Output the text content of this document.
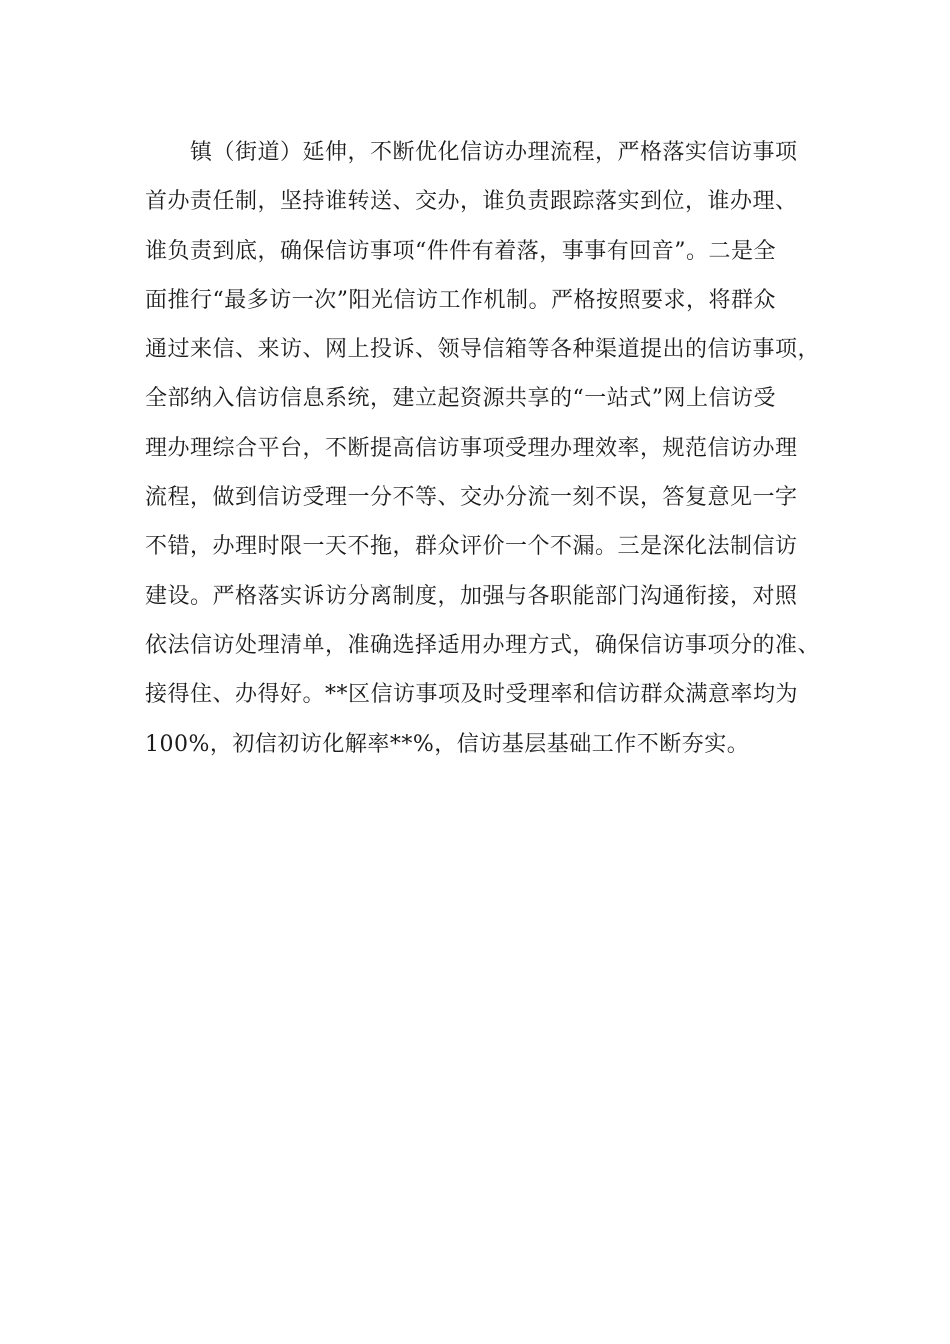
镇（街道）延伸，不断优化信访办理流程，严格落实信访事项
首办责任制，坚持谁转送、交办，谁负责跟踪落实到位，谁办理、
谁负责到底，确保信访事项“件件有着落，事事有回音”。二是全
面推行“最多访一次”阳光信访工作机制。严格按照要求，将群众
通过来信、来访、网上投诉、领导信箱等各种渠道提出的信访事项，
全部纳入信访信息系统，建立起资源共享的“一站式”网上信访受
理办理综合平台，不断提高信访事项受理办理效率，规范信访办理
流程，做到信访受理一分不等、交办分流一刻不误，答复意见一字
不错，办理时限一天不拖，群众评价一个不漏。三是深化法制信访
建设。严格落实诉访分离制度，加强与各职能部门沟通衔接，对照
依法信访处理清单，准确选择适用办理方式，确保信访事项分的准、
接得住、办得好。**区信访事项及时受理率和信访群众满意率均为
100%，初信初访化解率**%，信访基层基础工作不断夯实。
